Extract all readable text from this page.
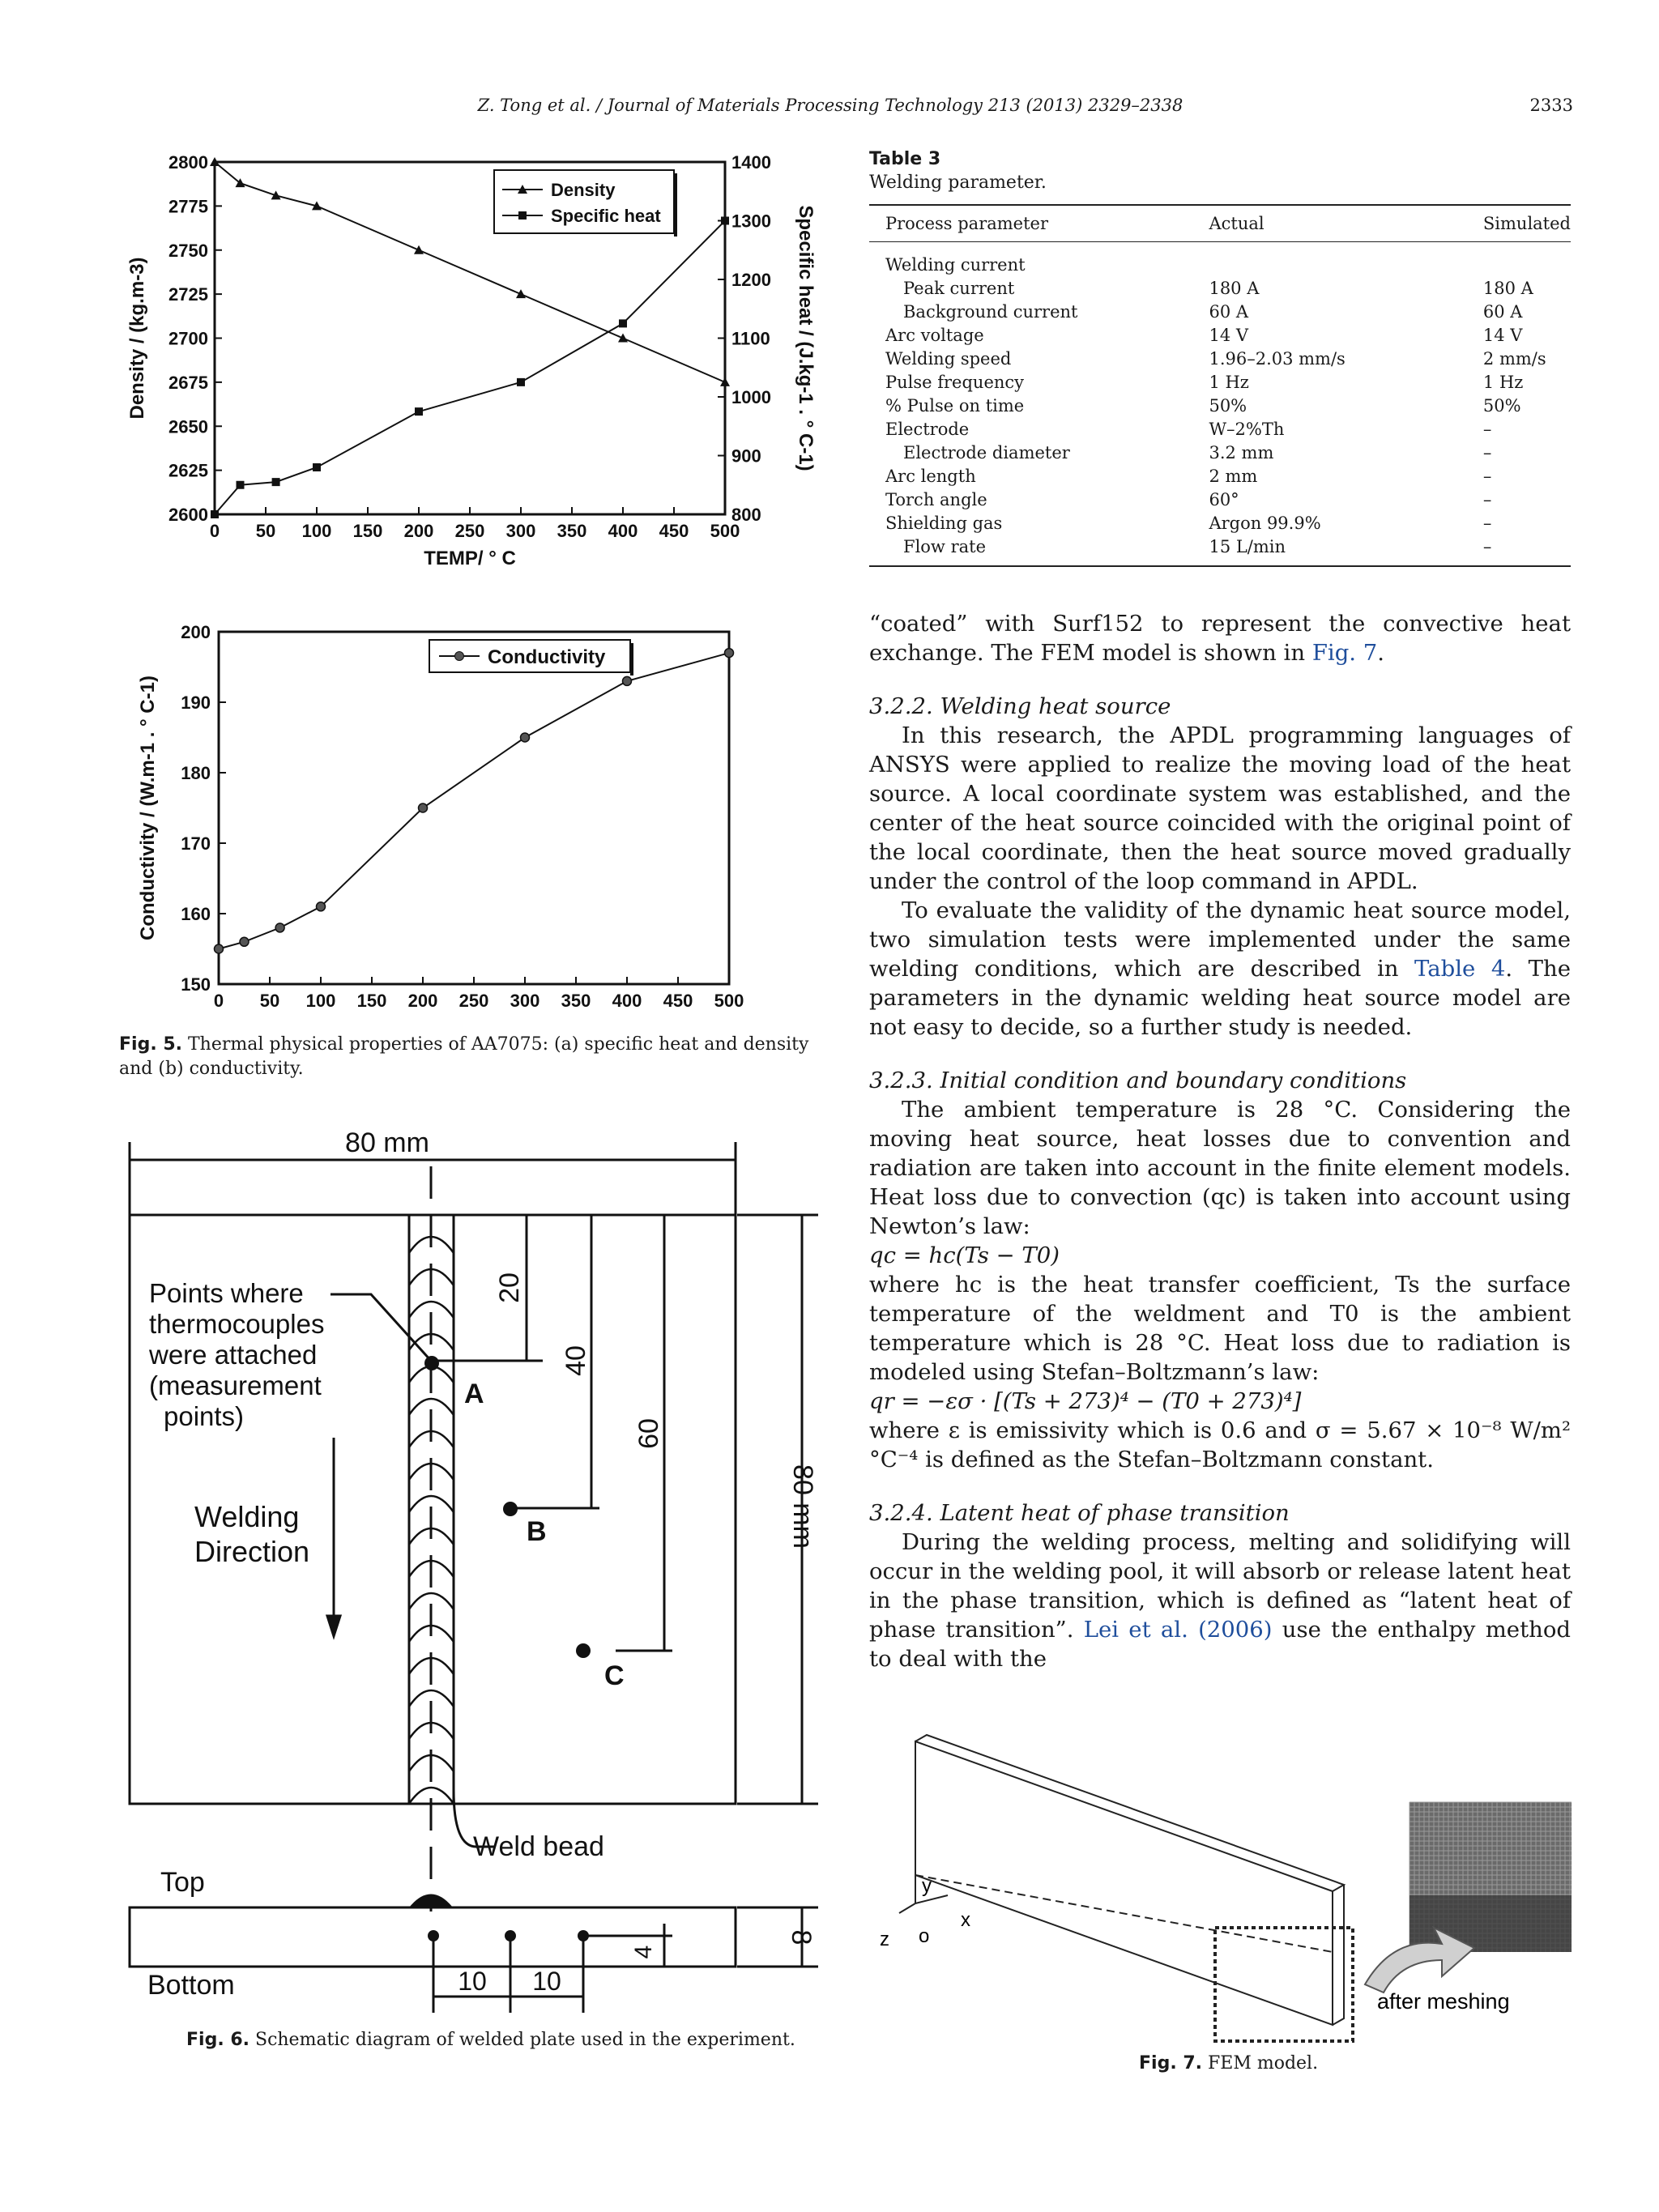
Z. Tong et al. / Journal of Materials Processing Technology 213 (2013) 2329–2338	2333
0 50 100 150 200 250 300 350 400 450 500
2600
2625
2650
2675
2700
2725
2750
2775
2800
800
900
1000
1100
1200
1300
1400
TEMP/ ° C
Density / (kg.m-3)	Specific heat / (J.kg-1 . ° C-1)
Density
Specific heat
0 50 100 150 200 250 300 350 400 450 500
150
160
170
180
190
200
Conductivity / (W.m-1 . ° C-1)
Conductivity
Fig. 5. Thermal physical properties of AA7075: (a) specific heat and density and (b) conductivity.
80 mm
80 mm
20
40
60
8
4
10 10
Points where
thermocouples
were attached
(measurement
points)
Welding
Direction
A
B
C
Weld bead
Top
Bottom
Fig. 6. Schematic diagram of welded plate used in the experiment.
Table 3
Welding parameter.
Process parameter	Actual	Simulated
Welding current		
Peak current	180 A	180 A
Background current	60 A	60 A
Arc voltage	14 V	14 V
Welding speed	1.96–2.03 mm/s	2 mm/s
Pulse frequency	1 Hz	1 Hz
% Pulse on time	50%	50%
Electrode	W–2%Th	–
Electrode diameter	3.2 mm	–
Arc length	2 mm	–
Torch angle	60°	–
Shielding gas	Argon 99.9%	–
Flow rate	15 L/min	–

“coated” with Surf152 to represent the convective heat exchange. The FEM model is shown in Fig. 7.

3.2.2. Welding heat source

In this research, the APDL programming languages of ANSYS were applied to realize the moving load of the heat source. A local coordinate system was established, and the center of the heat source coincided with the original point of the local coordinate, then the heat source moved gradually under the control of the loop command in APDL.

To evaluate the validity of the dynamic heat source model, two simulation tests were implemented under the same welding conditions, which are described in Table 4. The parameters in the dynamic welding heat source model are not easy to decide, so a further study is needed.

3.2.3. Initial condition and boundary conditions

The ambient temperature is 28 °C. Considering the moving heat source, heat losses due to convention and radiation are taken into account in the finite element models. Heat loss due to convection (qc) is taken into account using Newton’s law:

qc = hc(Ts − T0)

where hc is the heat transfer coefficient, Ts the surface temperature of the weldment and T0 is the ambient temperature which is 28 °C. Heat loss due to radiation is modeled using Stefan–Boltzmann’s law:

qr = −εσ · [(Ts + 273)⁴ − (T0 + 273)⁴]

where ε is emissivity which is 0.6 and σ = 5.67 × 10⁻⁸ W/m² °C⁻⁴ is defined as the Stefan–Boltzmann constant.

3.2.4. Latent heat of phase transition

During the welding process, melting and solidifying will occur in the welding pool, it will absorb or release latent heat in the phase transition, which is defined as “latent heat of phase transition”. Lei et al. (2006) use the enthalpy method to deal with the

y
x
z o
after meshing
Fig. 7. FEM model.
